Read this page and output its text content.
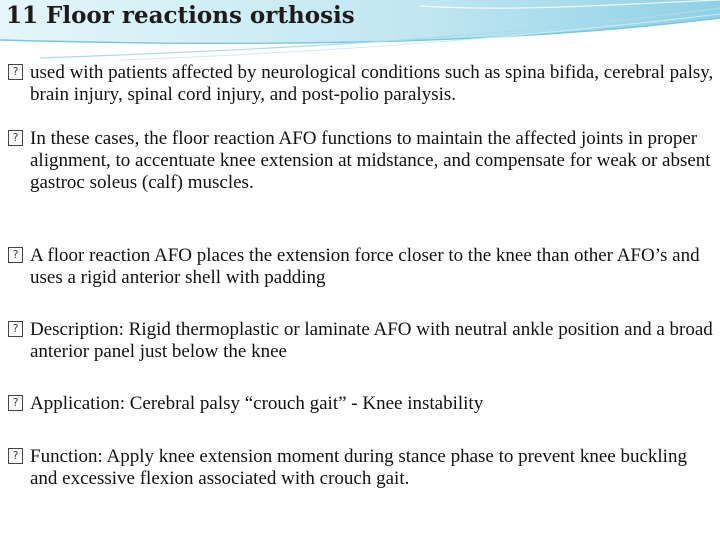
11 Floor reactions orthosis
? used with patients affected by neurological conditions such as spina bifida, cerebral palsy, brain injury, spinal cord injury, and post-polio paralysis.
? In these cases, the floor reaction AFO functions to maintain the affected joints in proper alignment, to accentuate knee extension at midstance, and compensate for weak or absent gastroc soleus (calf) muscles.
? A floor reaction AFO places the extension force closer to the knee than other AFO’s and uses a rigid anterior shell with padding
? Description: Rigid thermoplastic or laminate AFO with neutral ankle position and a broad anterior panel just below the knee
? Application: Cerebral palsy “crouch gait” - Knee instability
? Function: Apply knee extension moment during stance phase to prevent knee buckling and excessive flexion associated with crouch gait.
